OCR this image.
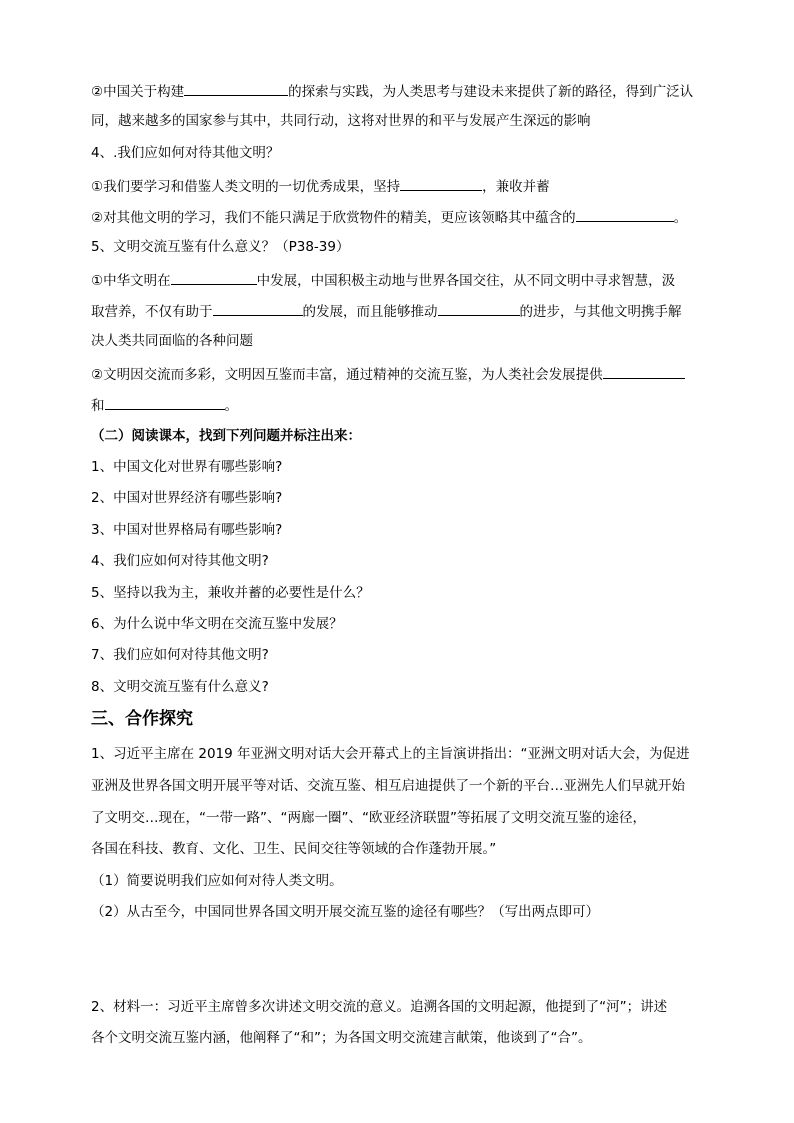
②中国关于构建	的探索与实践，为人类思考与建设未来提供了新的路径，得到广泛认
同，越来越多的国家参与其中，共同行动，这将对世界的和平与发展产生深远的影响
4、.我们应如何对待其他文明？
①我们要学习和借鉴人类文明的一切优秀成果，坚持	，兼收并蓄
②对其他文明的学习，我们不能只满足于欣赏物件的精美，更应该领略其中蕴含的	。
5、文明交流互鉴有什么意义？（P38-39）
①中华文明在	中发展，中国积极主动地与世界各国交往，从不同文明中寻求智慧，汲
取营养，不仅有助于	的发展，而且能够推动	的进步，与其他文明携手解
决人类共同面临的各种问题
②文明因交流而多彩，文明因互鉴而丰富，通过精神的交流互鉴，为人类社会发展提供
和	。
（二）阅读课本，找到下列问题并标注出来：
1、中国文化对世界有哪些影响?
2、中国对世界经济有哪些影响?
3、中国对世界格局有哪些影响?
4、我们应如何对待其他文明?
5、坚持以我为主，兼收并蓄的必要性是什么？
6、为什么说中华文明在交流互鉴中发展？
7、我们应如何对待其他文明?
8、文明交流互鉴有什么意义?
三、合作探究
1、习近平主席在 2019 年亚洲文明对话大会开幕式上的主旨演讲指出：“亚洲文明对话大会，为促进
亚洲及世界各国文明开展平等对话、交流互鉴、相互启迪提供了一个新的平台…亚洲先人们早就开始
了文明交…现在，“一带一路”、“两廊一圈”、“欧亚经济联盟”等拓展了文明交流互鉴的途径，
各国在科技、教育、文化、卫生、民间交往等领域的合作蓬勃开展。”
（1）简要说明我们应如何对待人类文明。
（2）从古至今，中国同世界各国文明开展交流互鉴的途径有哪些？（写出两点即可）
2、材料一：习近平主席曾多次讲述文明交流的意义。追溯各国的文明起源，他提到了“河”；讲述
各个文明交流互鉴内涵，他阐释了“和”；为各国文明交流建言献策，他谈到了“合”。
